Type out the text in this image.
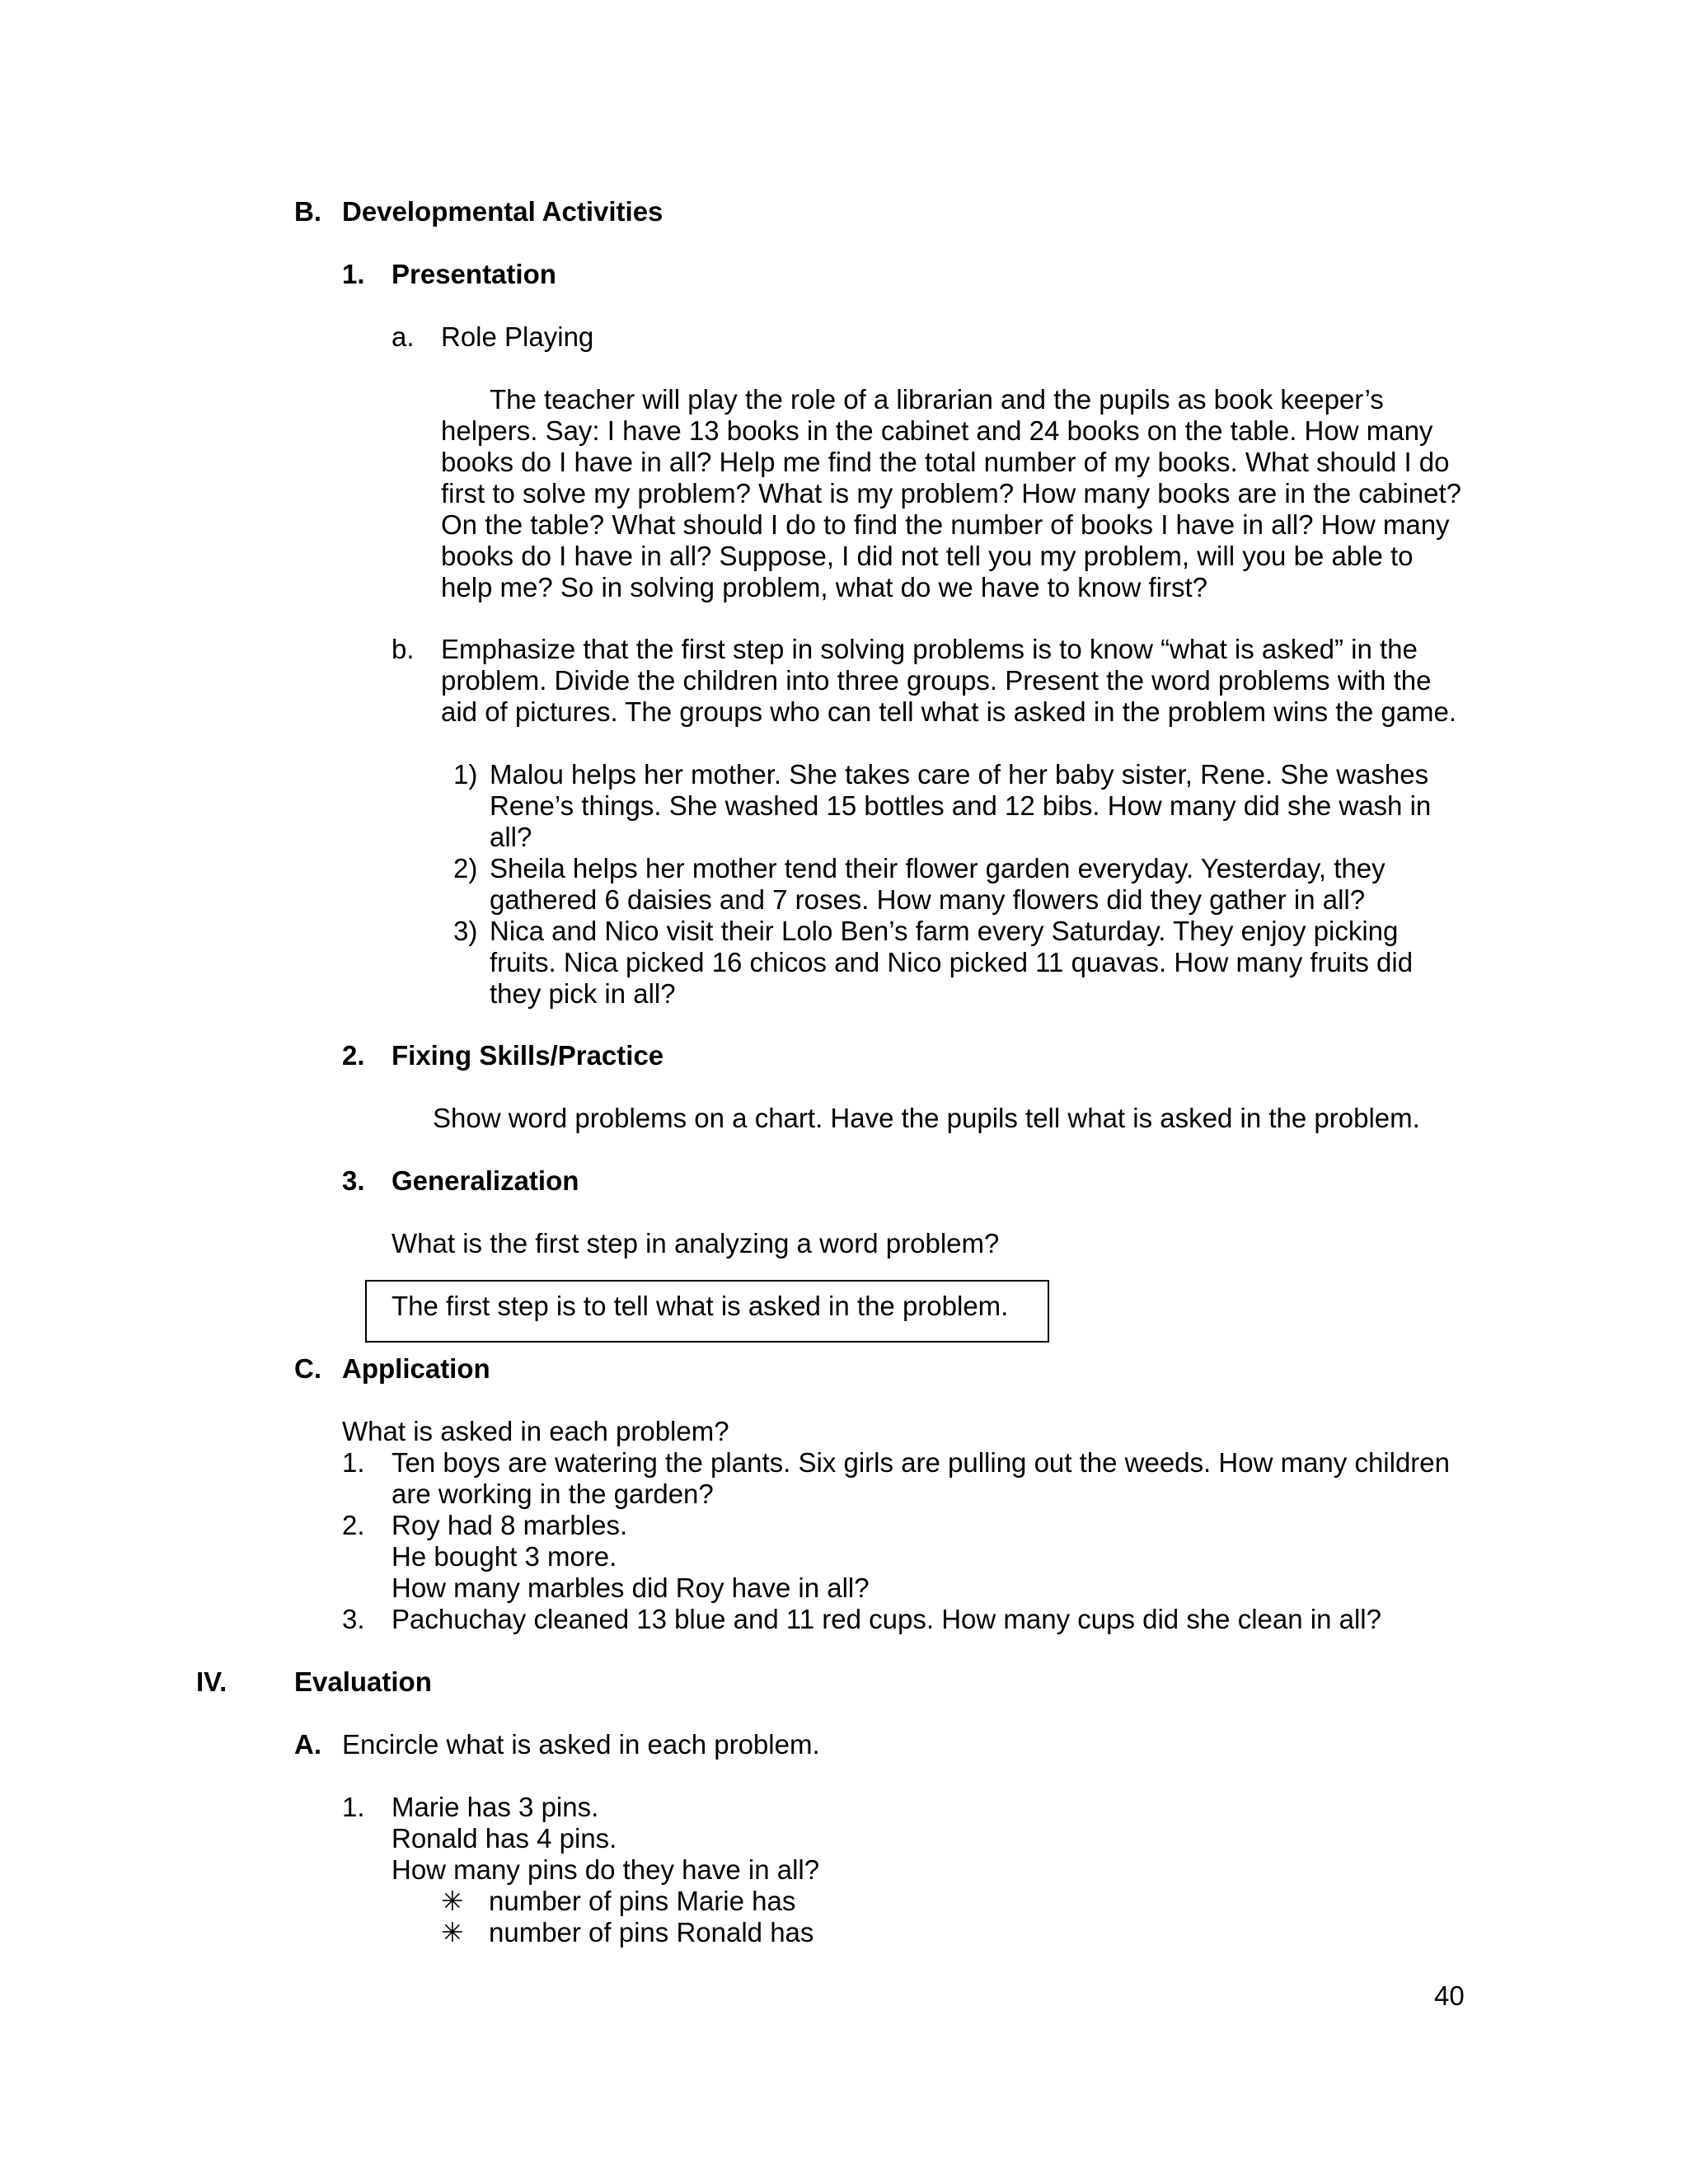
B. Developmental Activities
1. Presentation
a. Role Playing
The teacher will play the role of a librarian and the pupils as book keeper’s
helpers. Say: I have 13 books in the cabinet and 24 books on the table. How many
books do I have in all? Help me find the total number of my books. What should I do
first to solve my problem? What is my problem? How many books are in the cabinet?
On the table? What should I do to find the number of books I have in all? How many
books do I have in all? Suppose, I did not tell you my problem, will you be able to
help me? So in solving problem, what do we have to know first?
b. Emphasize that the first step in solving problems is to know “what is asked” in the
problem. Divide the children into three groups. Present the word problems with the
aid of pictures. The groups who can tell what is asked in the problem wins the game.
1) Malou helps her mother. She takes care of her baby sister, Rene. She washes
Rene’s things. She washed 15 bottles and 12 bibs. How many did she wash in
all?
2) Sheila helps her mother tend their flower garden everyday. Yesterday, they
gathered 6 daisies and 7 roses. How many flowers did they gather in all?
3) Nica and Nico visit their Lolo Ben’s farm every Saturday. They enjoy picking
fruits. Nica picked 16 chicos and Nico picked 11 quavas. How many fruits did
they pick in all?
2. Fixing Skills/Practice
Show word problems on a chart. Have the pupils tell what is asked in the problem.
3. Generalization
What is the first step in analyzing a word problem?
The first step is to tell what is asked in the problem.
C. Application
What is asked in each problem?
1. Ten boys are watering the plants. Six girls are pulling out the weeds. How many children
are working in the garden?
2. Roy had 8 marbles.
He bought 3 more.
How many marbles did Roy have in all?
3. Pachuchay cleaned 13 blue and 11 red cups. How many cups did she clean in all?
IV. Evaluation
A. Encircle what is asked in each problem.
1. Marie has 3 pins.
Ronald has 4 pins.
How many pins do they have in all?
✳ number of pins Marie has
✳ number of pins Ronald has
40
